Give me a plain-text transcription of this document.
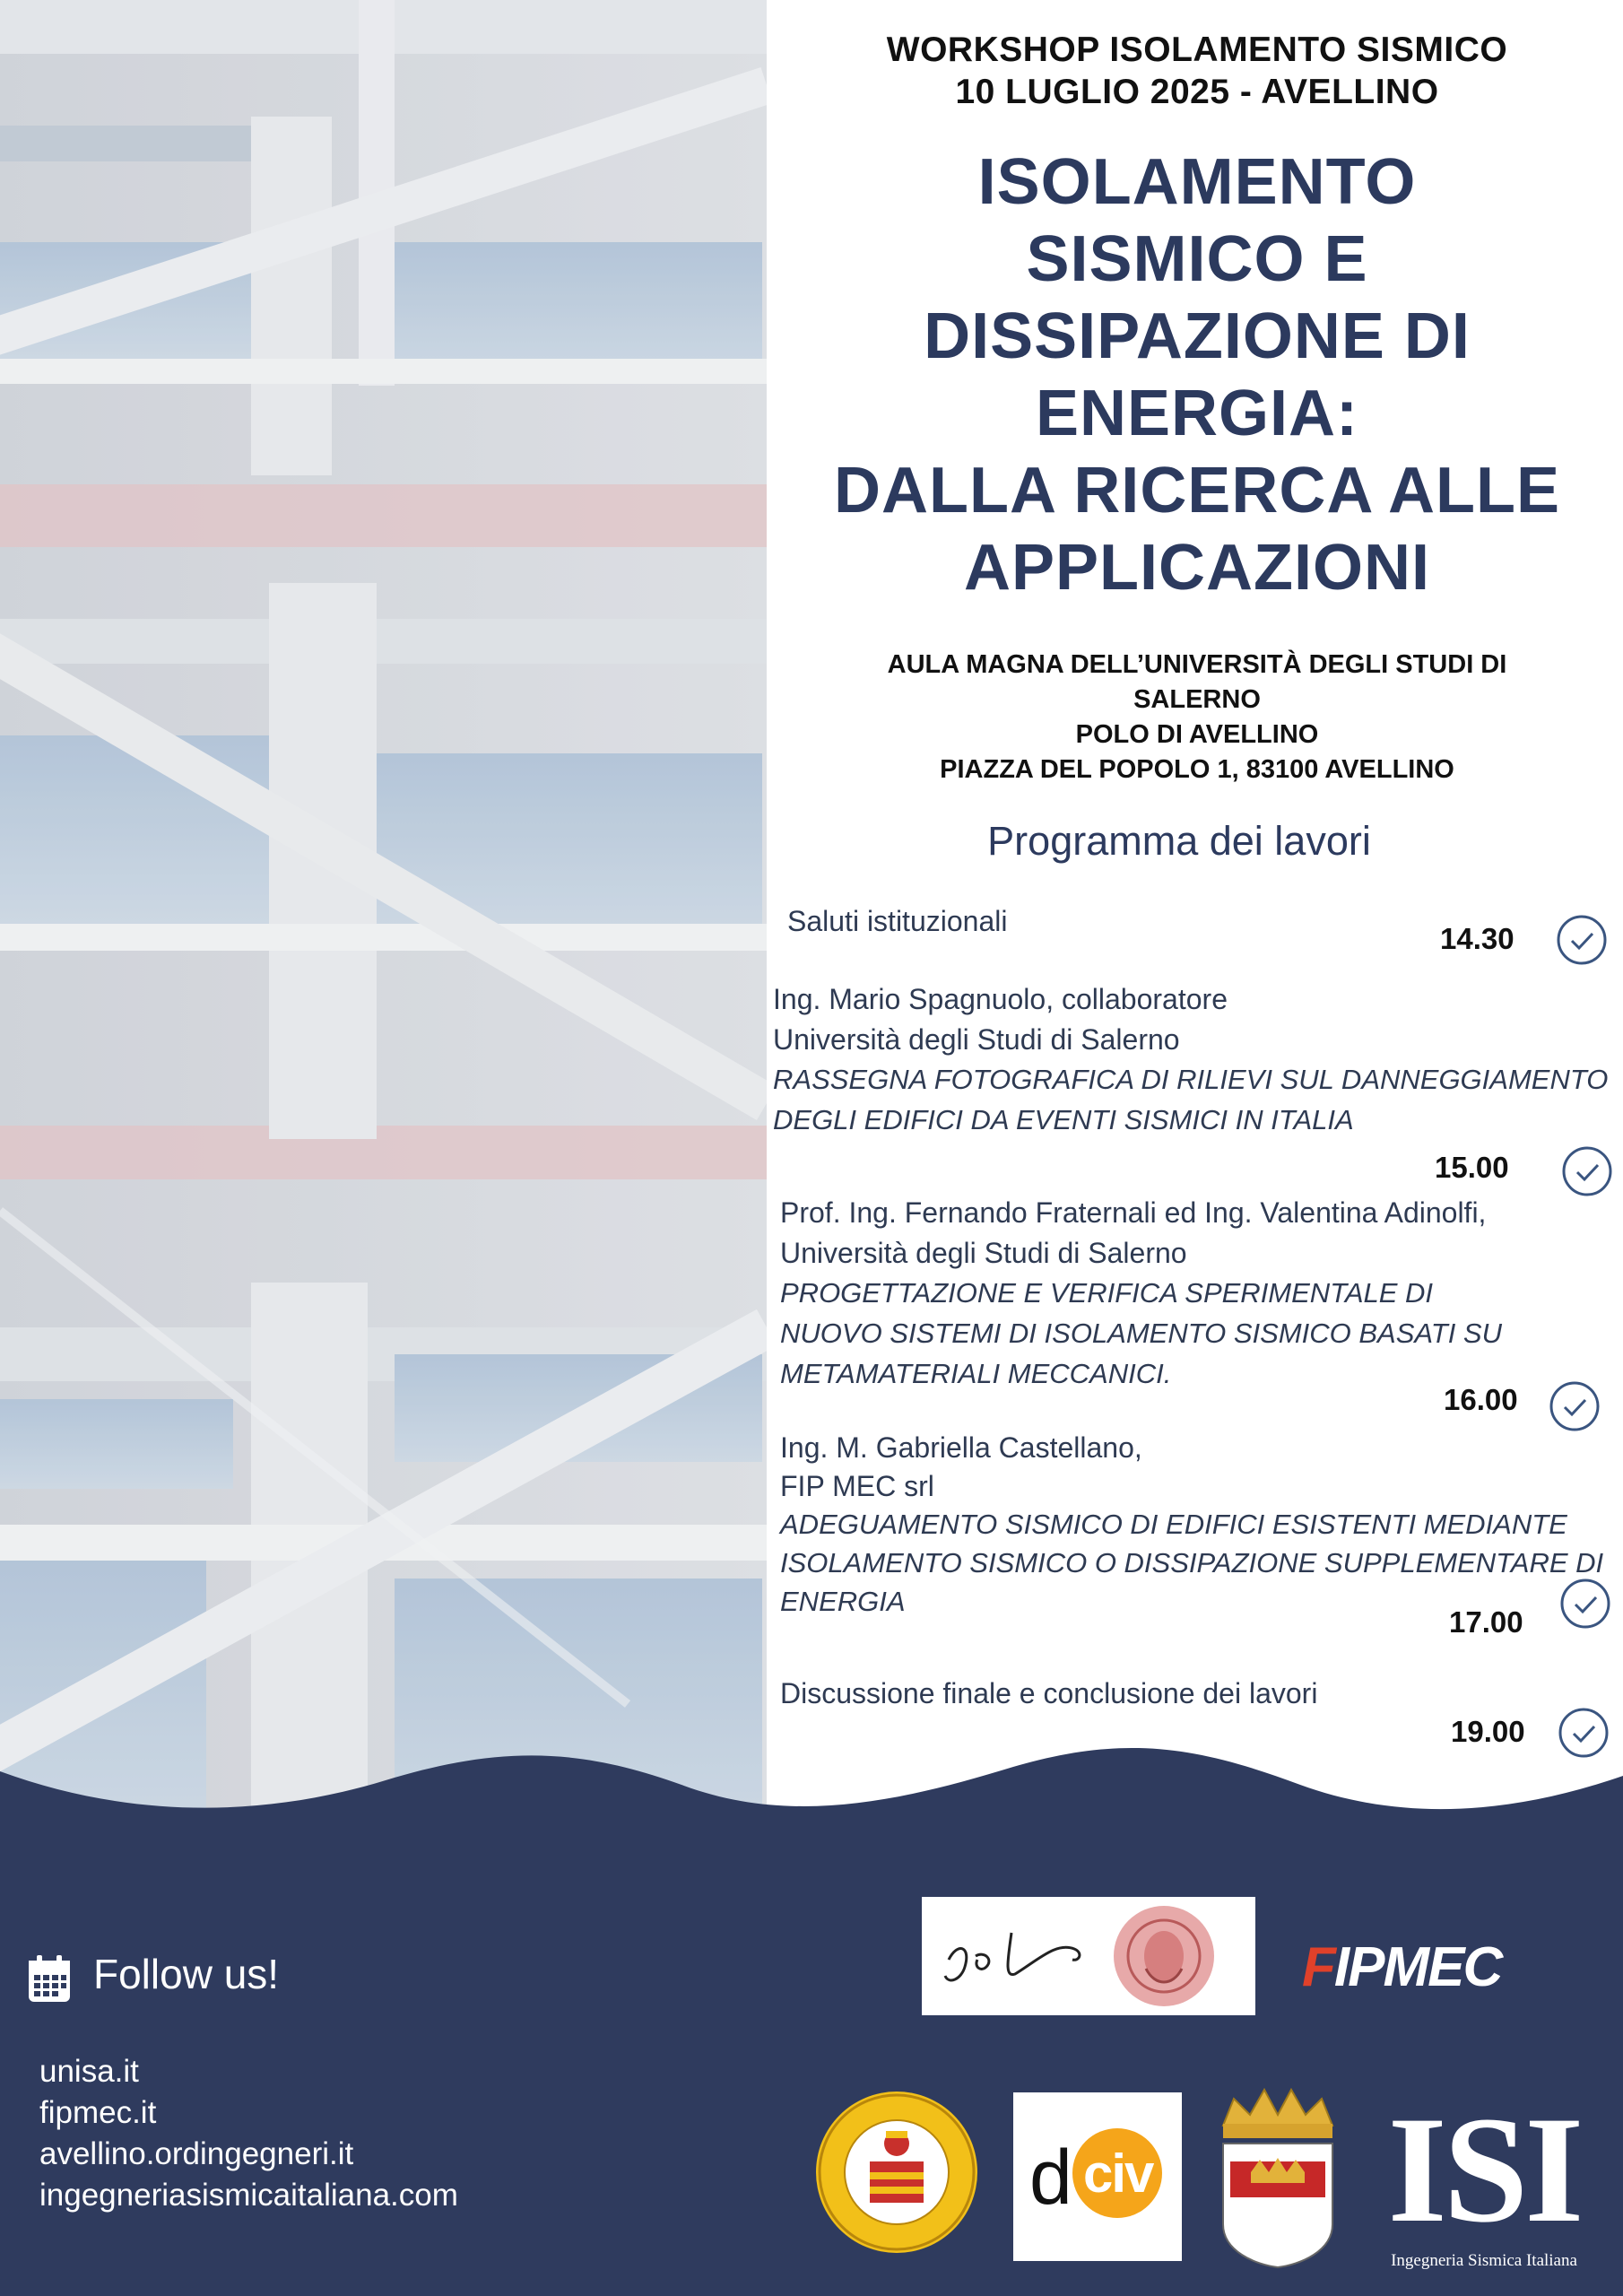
WORKSHOP ISOLAMENTO SISMICO
10 LUGLIO 2025 - AVELLINO
ISOLAMENTO
SISMICO E
DISSIPAZIONE DI
ENERGIA:
DALLA RICERCA ALLE
APPLICAZIONI
AULA MAGNA DELL’UNIVERSITÀ DEGLI STUDI DI
SALERNO
POLO DI AVELLINO
PIAZZA DEL POPOLO 1, 83100 AVELLINO
Programma dei lavori
Saluti istituzionali
14.30
Ing. Mario Spagnuolo, collaboratore
Università degli Studi di Salerno
RASSEGNA FOTOGRAFICA DI RILIEVI SUL DANNEGGIAMENTO
DEGLI EDIFICI DA EVENTI SISMICI IN ITALIA
15.00
Prof. Ing. Fernando Fraternali ed Ing. Valentina Adinolfi,
Università degli Studi di Salerno
PROGETTAZIONE E VERIFICA SPERIMENTALE DI
NUOVO SISTEMI DI ISOLAMENTO SISMICO BASATI SU
METAMATERIALI MECCANICI.
16.00
Ing. M. Gabriella Castellano,
FIP MEC srl
ADEGUAMENTO SISMICO DI EDIFICI ESISTENTI MEDIANTE
ISOLAMENTO SISMICO O DISSIPAZIONE SUPPLEMENTARE DI
ENERGIA
17.00
Discussione finale e conclusione dei lavori
19.00
Follow us!
unisa.it
fipmec.it
avellino.ordingegneri.it
ingegneriasismicaitaliana.com
FIPMEC
d civ ISI
Ingegneria Sismica Italiana
